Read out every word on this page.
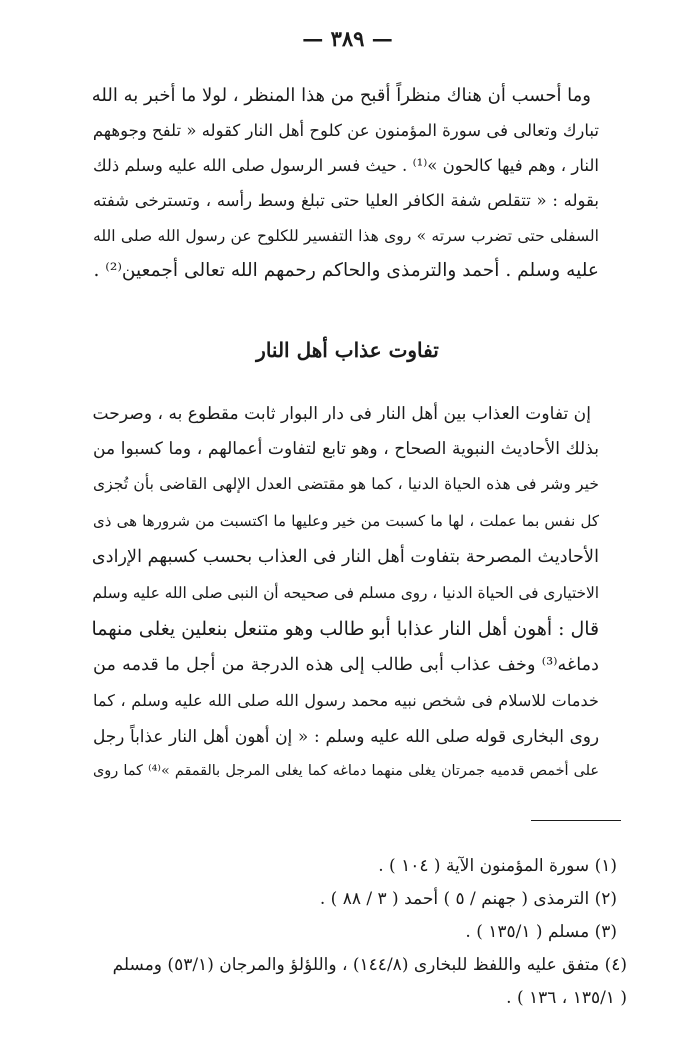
— ٣٨٩ —
وما أحسب أن هناك منظراً أقبح من هذا المنظر ، لولا ما أخبر به الله
تبارك وتعالى فى سورة المؤمنون عن كلوح أهل النار كقوله « تلفح وجوههم
النار ، وهم فيها كالحون »⁽¹⁾ . حيث فسر الرسول صلى الله عليه وسلم ذلك
بقوله : « تتقلص شفة الكافر العليا حتى تبلغ وسط رأسه ، وتسترخى شفته
السفلى حتى تضرب سرته » روى هذا التفسير للكلوح عن رسول الله صلى الله
عليه وسلم . أحمد والترمذى والحاكم رحمهم الله تعالى أجمعين⁽²⁾ .
تفاوت عذاب أهل النار
إن تفاوت العذاب بين أهل النار فى دار البوار ثابت مقطوع به ، وصرحت
بذلك الأحاديث النبوية الصحاح ، وهو تابع لتفاوت أعمالهم ، وما كسبوا من
خير وشر فى هذه الحياة الدنيا ، كما هو مقتضى العدل الإلهى القاضى بأن تُجزى
كل نفس بما عملت ، لها ما كسبت من خير وعليها ما اكتسبت من شرورها هى ذى
الأحاديث المصرحة بتفاوت أهل النار فى العذاب بحسب كسبهم الإرادى
الاختيارى فى الحياة الدنيا ، روى مسلم فى صحيحه أن النبى صلى الله عليه وسلم
قال : أهون أهل النار عذابا أبو طالب وهو متنعل بنعلين يغلى منهما
دماغه⁽³⁾ وخف عذاب أبى طالب إلى هذه الدرجة من أجل ما قدمه من
خدمات للاسلام فى شخص نبيه محمد رسول الله صلى الله عليه وسلم ، كما
روى البخارى قوله صلى الله عليه وسلم : « إن أهون أهل النار عذاباً رجل
على أخمص قدميه جمرتان يغلى منهما دماغه كما يغلى المرجل بالقمقم »⁽⁴⁾ كما روى
(١) سورة المؤمنون الآية ( ١٠٤ ) .
(٢) الترمذى ( جهنم / ٥ ) أحمد ( ٣ / ٨٨ ) .
(٣) مسلم ( ١٣٥/١ ) .
(٤) متفق عليه واللفظ للبخارى (١٤٤/٨) ، واللؤلؤ والمرجان (٥٣/١) ومسلم
( ١٣٥/١ ، ١٣٦ ) .
